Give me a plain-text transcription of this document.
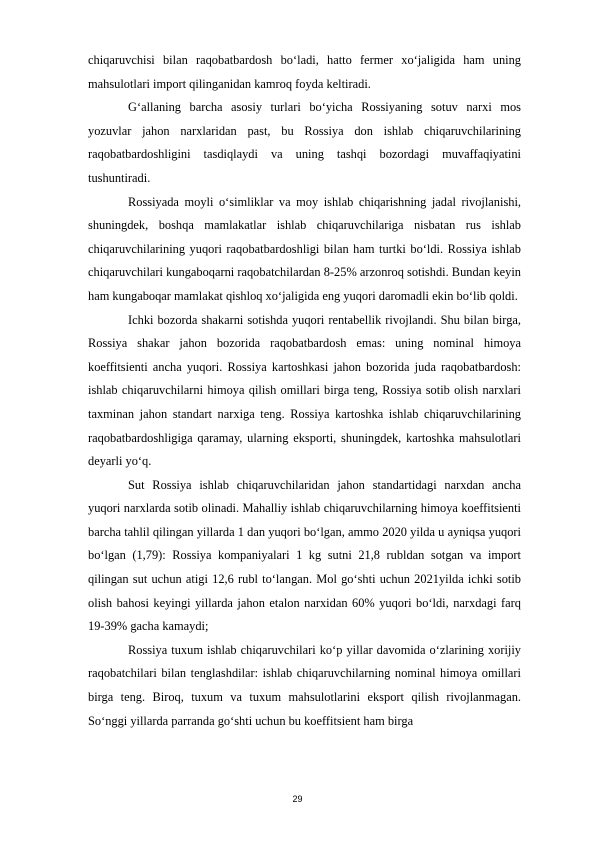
chiqaruvchisi bilan raqobatbardosh bo‘ladi, hatto fermer xo‘jaligida ham uning mahsulotlari import qilinganidan kamroq foyda keltiradi.

G‘allaning barcha asosiy turlari bo‘yicha Rossiyaning sotuv narxi mos yozuvlar jahon narxlaridan past, bu Rossiya don ishlab chiqaruvchilarining raqobatbardoshligini tasdiqlaydi va uning tashqi bozordagi muvaffaqiyatini tushuntiradi.

Rossiyada moyli o‘simliklar va moy ishlab chiqarishning jadal rivojlanishi, shuningdek, boshqa mamlakatlar ishlab chiqaruvchilariga nisbatan rus ishlab chiqaruvchilarining yuqori raqobatbardoshligi bilan ham turtki bo‘ldi. Rossiya ishlab chiqaruvchilari kungaboqarni raqobatchilardan 8-25% arzonroq sotishdi. Bundan keyin ham kungaboqar mamlakat qishloq xo‘jaligida eng yuqori daromadli ekin bo‘lib qoldi.

Ichki bozorda shakarni sotishda yuqori rentabellik rivojlandi. Shu bilan birga, Rossiya shakar jahon bozorida raqobatbardosh emas: uning nominal himoya koeffitsienti ancha yuqori. Rossiya kartoshkasi jahon bozorida juda raqobatbardosh: ishlab chiqaruvchilarni himoya qilish omillari birga teng, Rossiya sotib olish narxlari taxminan jahon standart narxiga teng. Rossiya kartoshka ishlab chiqaruvchilarining raqobatbardoshligiga qaramay, ularning eksporti, shuningdek, kartoshka mahsulotlari deyarli yo‘q.

Sut Rossiya ishlab chiqaruvchilaridan jahon standartidagi narxdan ancha yuqori narxlarda sotib olinadi. Mahalliy ishlab chiqaruvchilarning himoya koeffitsienti barcha tahlil qilingan yillarda 1 dan yuqori bo‘lgan, ammo 2020 yilda u ayniqsa yuqori bo‘lgan (1,79): Rossiya kompaniyalari 1 kg sutni 21,8 rubldan sotgan va import qilingan sut uchun atigi 12,6 rubl to‘langan. Mol go‘shti uchun 2021yilda ichki sotib olish bahosi keyingi yillarda jahon etalon narxidan 60% yuqori bo‘ldi, narxdagi farq 19-39% gacha kamaydi;

Rossiya tuxum ishlab chiqaruvchilari ko‘p yillar davomida o‘zlarining xorijiy raqobatchilari bilan tenglashdilar: ishlab chiqaruvchilarning nominal himoya omillari birga teng. Biroq, tuxum va tuxum mahsulotlarini eksport qilish rivojlanmagan. So‘nggi yillarda parranda go‘shti uchun bu koeffitsient ham birga

29
